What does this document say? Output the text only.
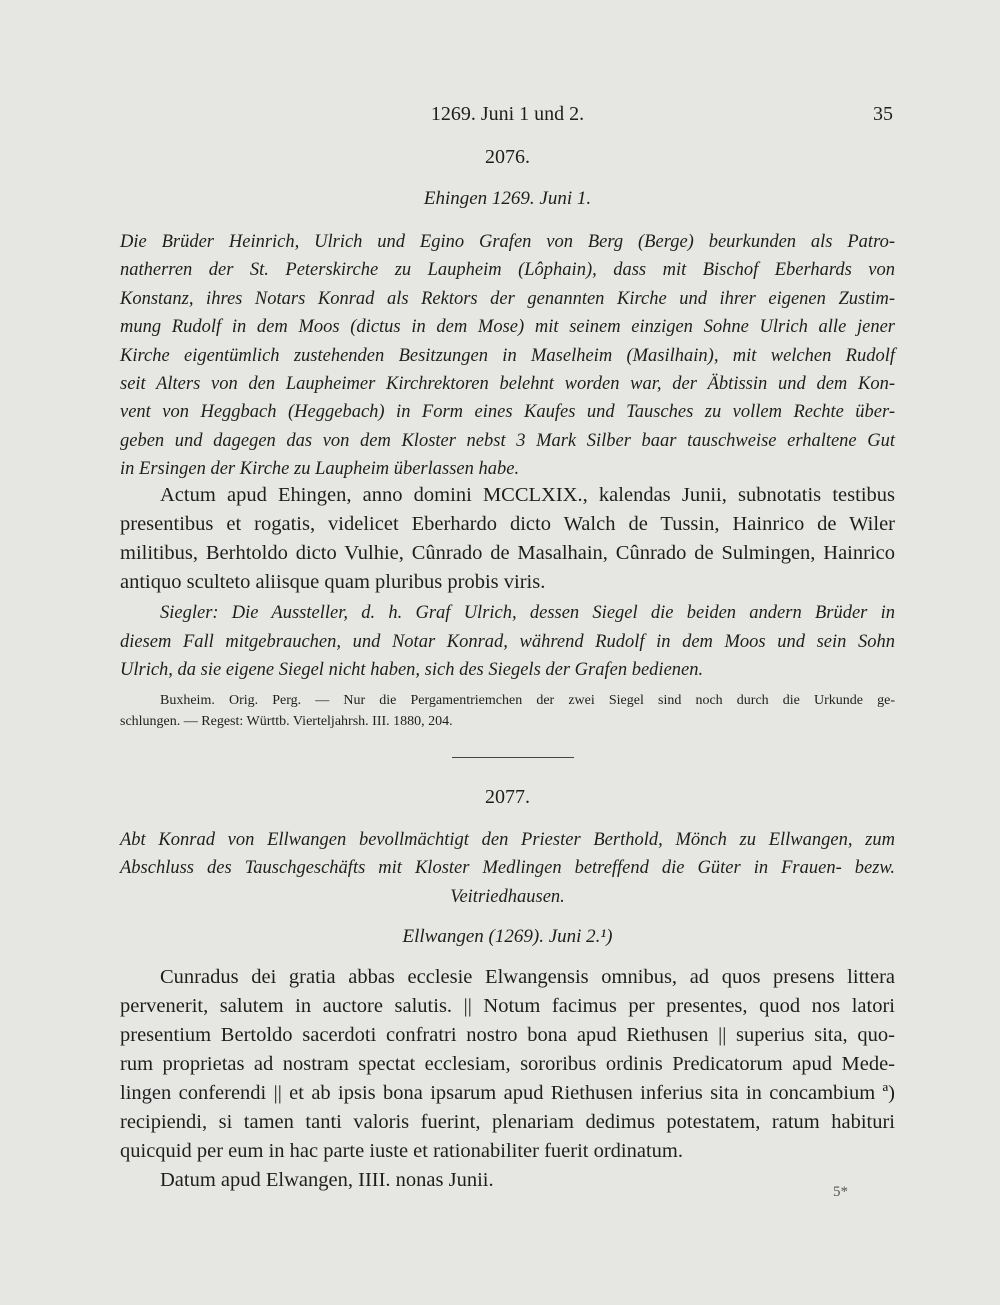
1269. Juni 1 und 2.	35
2076.
Ehingen 1269. Juni 1.
Die Brüder Heinrich, Ulrich und Egino Grafen von Berg (Berge) beurkunden als Patro-
natherren der St. Peterskirche zu Laupheim (Lôphain), dass mit Bischof Eberhards von
Konstanz, ihres Notars Konrad als Rektors der genannten Kirche und ihrer eigenen Zustim-
mung Rudolf in dem Moos (dictus in dem Mose) mit seinem einzigen Sohne Ulrich alle jener
Kirche eigentümlich zustehenden Besitzungen in Maselheim (Masilhain), mit welchen Rudolf
seit Alters von den Laupheimer Kirchrektoren belehnt worden war, der Äbtissin und dem Kon-
vent von Heggbach (Heggebach) in Form eines Kaufes und Tausches zu vollem Rechte über-
geben und dagegen das von dem Kloster nebst 3 Mark Silber baar tauschweise erhaltene Gut
in Ersingen der Kirche zu Laupheim überlassen habe.
Actum apud Ehingen, anno domini MCCLXIX., kalendas Junii, subnotatis testibus
presentibus et rogatis, videlicet Eberhardo dicto Walch de Tussin, Hainrico de Wiler
militibus, Berhtoldo dicto Vulhie, Cûnrado de Masalhain, Cûnrado de Sulmingen, Hainrico
antiquo sculteto aliisque quam pluribus probis viris.
Siegler: Die Aussteller, d. h. Graf Ulrich, dessen Siegel die beiden andern Brüder in
diesem Fall mitgebrauchen, und Notar Konrad, während Rudolf in dem Moos und sein Sohn
Ulrich, da sie eigene Siegel nicht haben, sich des Siegels der Grafen bedienen.
Buxheim. Orig. Perg. — Nur die Pergamentriemchen der zwei Siegel sind noch durch die Urkunde ge-
schlungen. — Regest: Württb. Vierteljahrsh. III. 1880, 204.
2077.
Abt Konrad von Ellwangen bevollmächtigt den Priester Berthold, Mönch zu Ellwangen, zum
Abschluss des Tauschgeschäfts mit Kloster Medlingen betreffend die Güter in Frauen- bezw.
Veitriedhausen.
Ellwangen (1269). Juni 2.¹)
Cunradus dei gratia abbas ecclesie Elwangensis omnibus, ad quos presens littera
pervenerit, salutem in auctore salutis. || Notum facimus per presentes, quod nos latori
presentium Bertoldo sacerdoti confratri nostro bona apud Riethusen || superius sita, quo-
rum proprietas ad nostram spectat ecclesiam, sororibus ordinis Predicatorum apud Mede-
lingen conferendi || et ab ipsis bona ipsarum apud Riethusen inferius sita in concambium ª)
recipiendi, si tamen tanti valoris fuerint, plenariam dedimus potestatem, ratum habituri
quicquid per eum in hac parte iuste et rationabiliter fuerit ordinatum.
Datum apud Elwangen, IIII. nonas Junii.
5*
